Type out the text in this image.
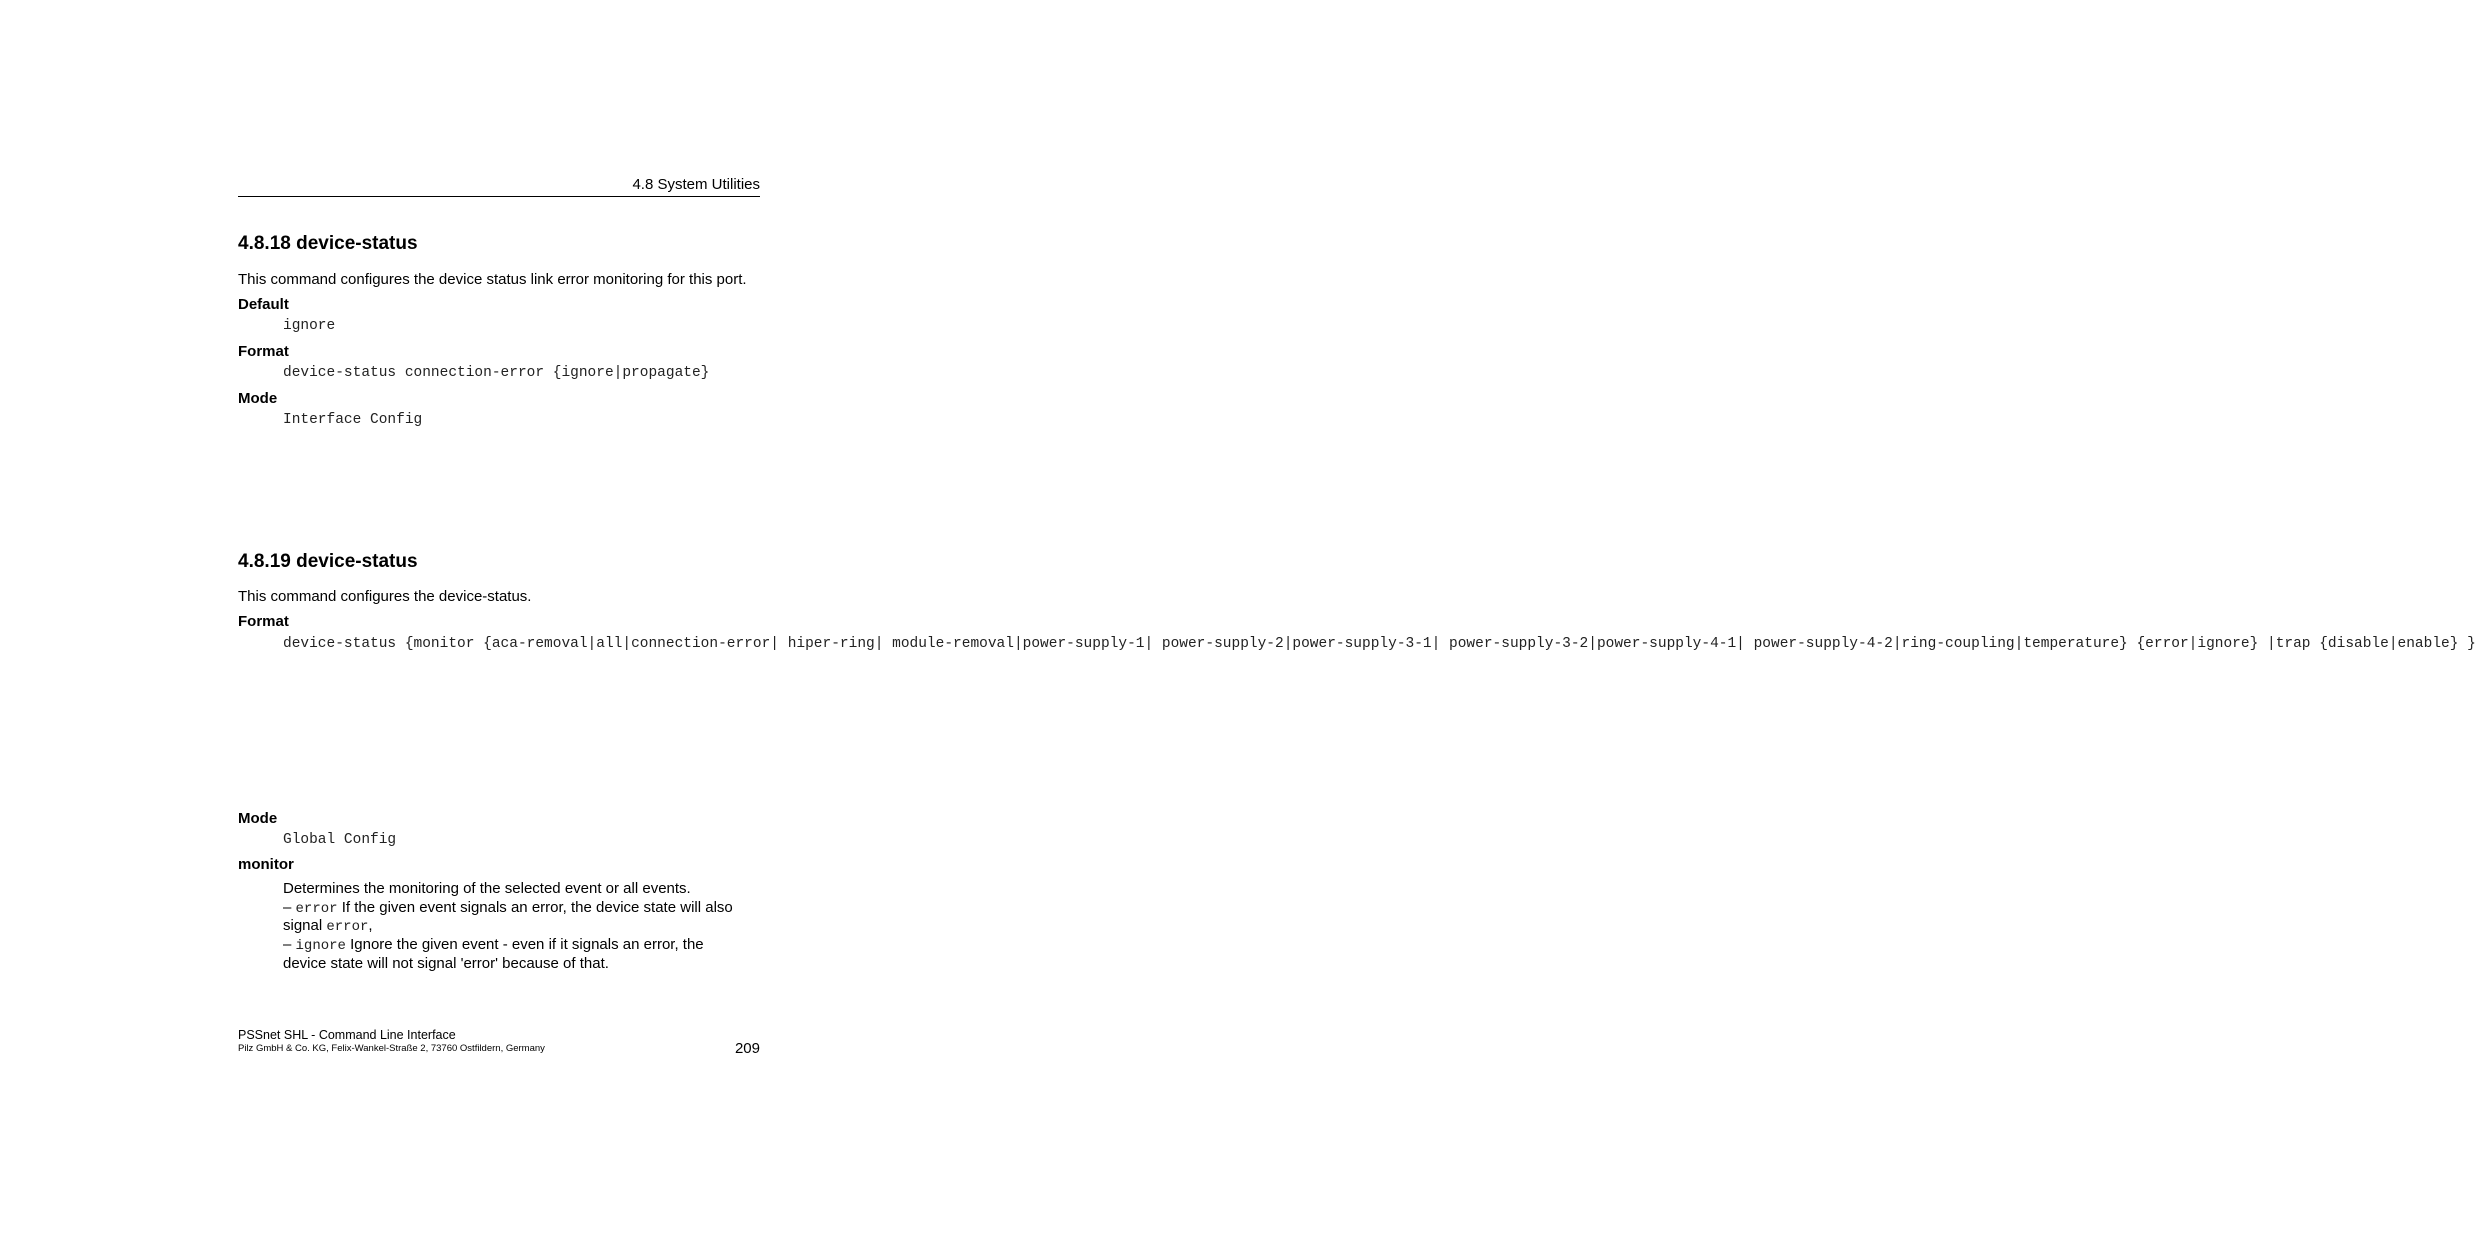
4.8 System Utilities
4.8.18 device-status
This command configures the device status link error monitoring for this port.
Default
ignore
Format
device-status connection-error {ignore|propagate}
Mode
Interface Config
4.8.19 device-status
This command configures the device-status.
Format
device-status {monitor {aca-removal|all|connection-error| hiper-ring| module-removal|power-supply-1| power-supply-2|power-supply-3-1| power-supply-3-2|power-supply-4-1| power-supply-4-2|ring-coupling|temperature} {error|ignore} |trap {disable|enable} }
Mode
Global Config
monitor
Determines the monitoring of the selected event or all events.
– error If the given event signals an error, the device state will also
signal error,
– ignore Ignore the given event - even if it signals an error, the
device state will not signal 'error' because of that.
PSSnet SHL - Command Line Interface
Pilz GmbH & Co. KG, Felix-Wankel-Straße 2, 73760 Ostfildern, Germany	209
